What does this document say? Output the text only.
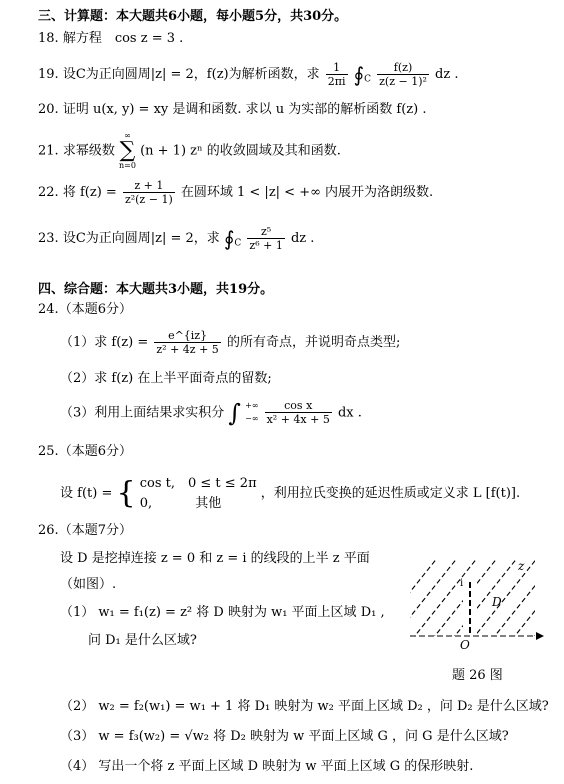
三、计算题：本大题共6小题，每小题5分，共30分。
18. 解方程　cos z = 3 .
19. 设C为正向圆周|z| = 2，f(z)为解析函数，求 $\frac{1}{2\pi i}$ $∮_C \frac{f(z)}{\text{z(z − 1)²}}$ dz .
20. 证明 u(x, y) = xy 是调和函数. 求以 u 为实部的解析函数 f(z) .
21. 求幂级数
∞
∑
n=0
(n + 1) zⁿ 的收敛圆域及其和函数.
22. 将 $f(z) = \frac{z + 1}{\text{z²(z − 1)}}$ 在圆环域 1 < |z| < +∞ 内展开为洛朗级数.
23. 设C为正向圆周|z| = 2，求 $∮_C \frac{\text{z⁵}}{\text{z⁶ + 1}}$ dz .
四、综合题：本大题共3小题，共19分。
24.（本题6分）
（1）求 $f(z) = \frac{e\^{}\{iz\}}{\text{z² + 4z + 5}}$ 的所有奇点，并说明奇点类型;
（2）求 f(z) 在上半平面奇点的留数;
（3）利用上面结果求实积分 ∫ +∞
−∞
$\frac{\text{cos x}}{\text{x² + 4x + 5}}$ dx .
25.（本题6分）
设 f(t) = { cos t,　0 ≤ t ≤ 2π
0,　　　 其他
，利用拉氏变换的延迟性质或定义求 L [f(t)].
26.（本题7分）
设 D 是挖掉连接 z = 0 和 z = i 的线段的上半 z 平面
（如图）.
（1） w₁ = f₁(z) = z² 将 D 映射为 w₁ 平面上区域 D₁ ,
问 D₁ 是什么区域?
z
D
i
O
题 26 图
（2） w₂ = f₂(w₁) = w₁ + 1 将 D₁ 映射为 w₂ 平面上区域 D₂ ，问 D₂ 是什么区域?
（3） w = f₃(w₂) = √w₂ 将 D₂ 映射为 w 平面上区域 G ，问 G 是什么区域?
（4） 写出一个将 z 平面上区域 D 映射为 w 平面上区域 G 的保形映射.
